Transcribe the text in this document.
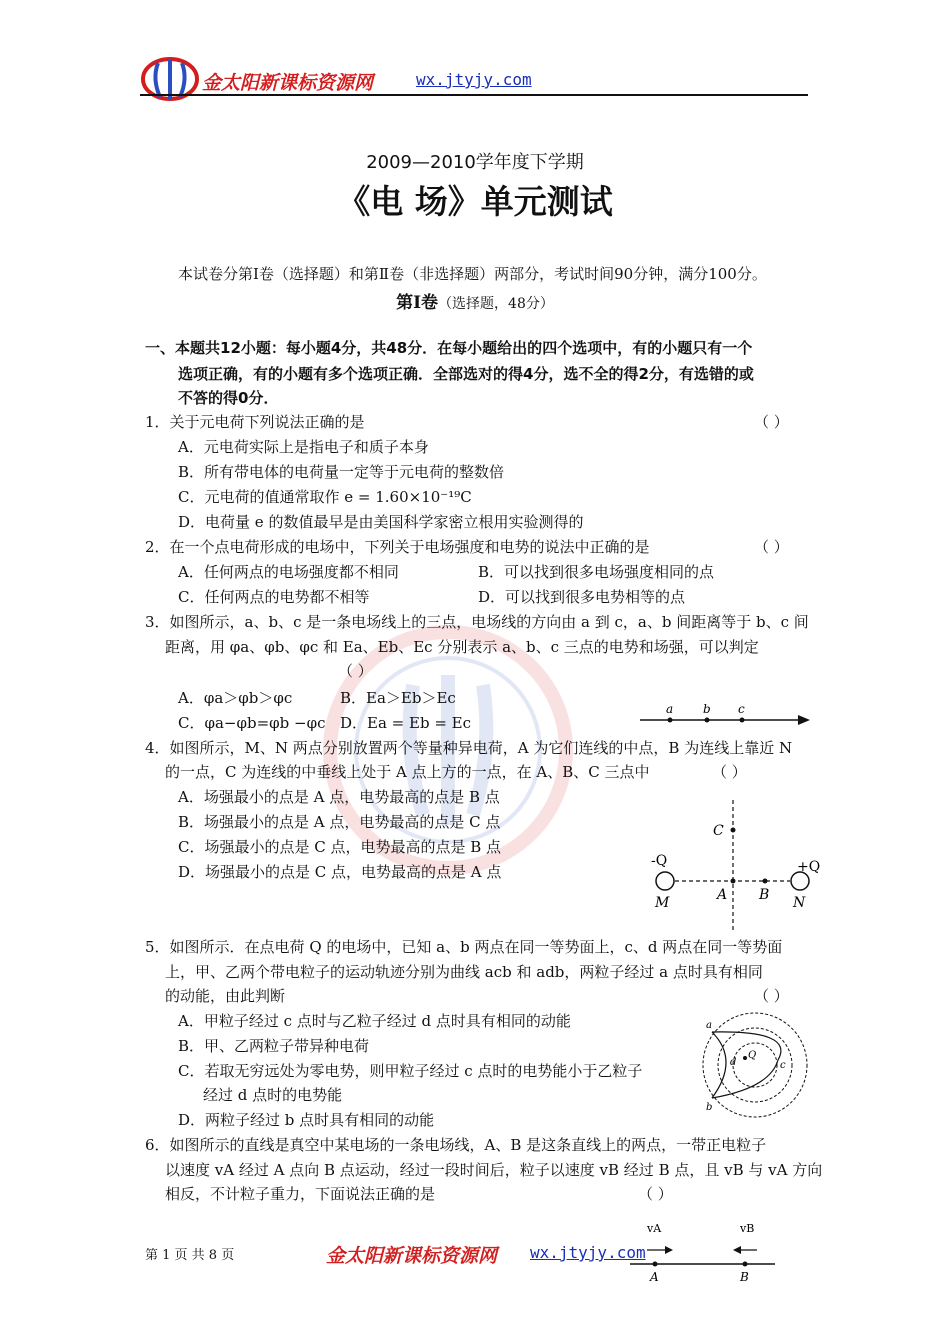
金太阳新课标资源网	wx.jtyjy.com
2009—2010学年度下学期
《电 场》单元测试
本试卷分第Ⅰ卷（选择题）和第Ⅱ卷（非选择题）两部分，考试时间90分钟，满分100分。
第Ⅰ卷（选择题，48分）
一、本题共12小题：每小题4分，共48分．在每小题给出的四个选项中，有的小题只有一个
选项正确，有的小题有多个选项正确．全部选对的得4分，选不全的得2分，有选错的或
不答的得0分．
1．关于元电荷下列说法正确的是	（ ）
A．元电荷实际上是指电子和质子本身
B．所有带电体的电荷量一定等于元电荷的整数倍
C．元电荷的值通常取作 e = 1.60×10⁻¹⁹C
D．电荷量 e 的数值最早是由美国科学家密立根用实验测得的
2．在一个点电荷形成的电场中，下列关于电场强度和电势的说法中正确的是	（ ）
A．任何两点的电场强度都不相同	B．可以找到很多电场强度相同的点
C．任何两点的电势都不相等	D．可以找到很多电势相等的点
3．如图所示，a、b、c 是一条电场线上的三点，电场线的方向由 a 到 c，a、b 间距离等于 b、c 间
距离，用 φa、φb、φc 和 Ea、Eb、Ec 分别表示 a、b、c 三点的电势和场强，可以判定
（ ）
A．φa＞φb＞φc	B．Ea＞Eb＞Ec
C．φa−φb=φb −φc D．Ea = Eb = Ec
a b c
4．如图所示，M、N 两点分别放置两个等量种异电荷，A 为它们连线的中点，B 为连线上靠近 N
的一点，C 为连线的中垂线上处于 A 点上方的一点，在 A、B、C 三点中	（ ）
A．场强最小的点是 A 点，电势最高的点是 B 点
B．场强最小的点是 A 点，电势最高的点是 C 点
C．场强最小的点是 C 点，电势最高的点是 B 点
D．场强最小的点是 C 点，电势最高的点是 A 点
C
A B
M	N
-Q	+Q
5．如图所示．在点电荷 Q 的电场中，已知 a、b 两点在同一等势面上，c、d 两点在同一等势面
上，甲、乙两个带电粒子的运动轨迹分别为曲线 acb 和 adb，两粒子经过 a 点时具有相同
的动能，由此判断	（ ）
A．甲粒子经过 c 点时与乙粒子经过 d 点时具有相同的动能
B．甲、乙两粒子带异种电荷
C．若取无穷远处为零电势，则甲粒子经过 c 点时的电势能小于乙粒子
经过 d 点时的电势能
D．两粒子经过 b 点时具有相同的动能
a
b
c
d
Q
6．如图所示的直线是真空中某电场的一条电场线，A、B 是这条直线上的两点，一带正电粒子
以速度 vA 经过 A 点向 B 点运动，经过一段时间后，粒子以速度 vB 经过 B 点，且 vB 与 vA 方向
相反，不计粒子重力，下面说法正确的是	（ ）
vA	vB
A	B
第 1 页 共 8 页	金太阳新课标资源网 wx.jtyjy.com
